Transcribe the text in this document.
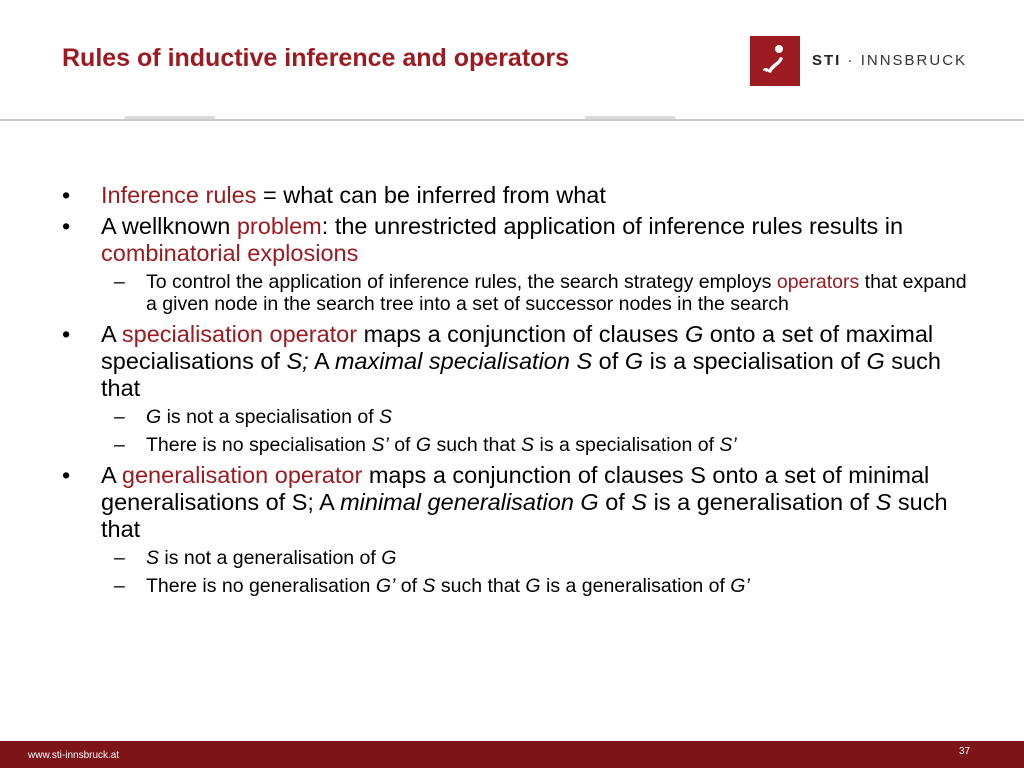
Rules of inductive inference and operators	STI · INNSBRUCK
• Inference rules = what can be inferred from what
• A wellknown problem: the unrestricted application of inference rules results in combinatorial explosions
– To control the application of inference rules, the search strategy employs operators that expand a given node in the search tree into a set of successor nodes in the search
• A specialisation operator maps a conjunction of clauses G onto a set of maximal specialisations of S; A maximal specialisation S of G is a specialisation of G such that
– G is not a specialisation of S
– There is no specialisation S’ of G such that S is a specialisation of S’
• A generalisation operator maps a conjunction of clauses S onto a set of minimal generalisations of S; A minimal generalisation G of S is a generalisation of S such that
– S is not a generalisation of G
– There is no generalisation G’ of S such that G is a generalisation of G’
www.sti-innsbruck.at	37
